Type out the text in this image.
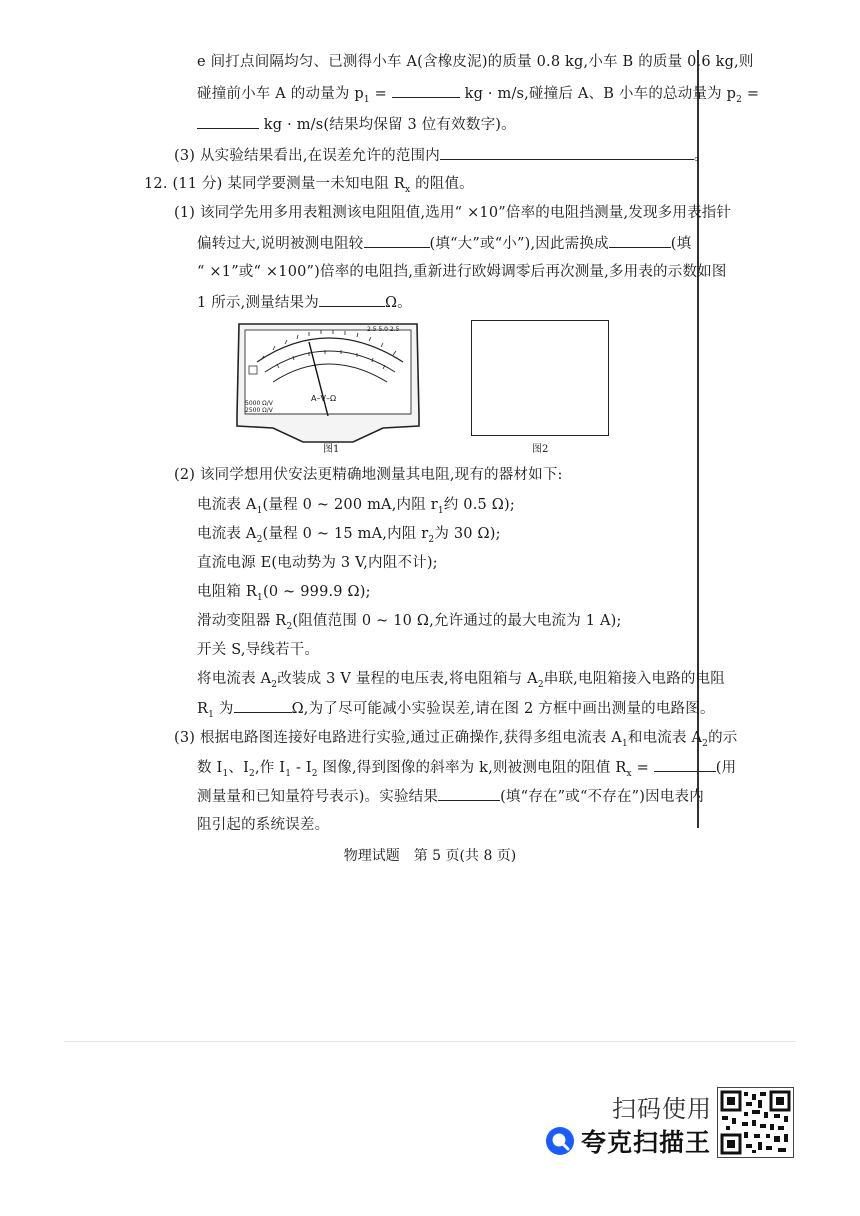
e 间打点间隔均匀、已测得小车 A(含橡皮泥)的质量 0.8 kg,小车 B 的质量 0.6 kg,则
碰撞前小车 A 的动量为 $p_1$ =	kg · m/s,碰撞后 A、B 小车的总动量为 $p_2$ =
kg · m/s(结果均保留 3 位有效数字)。
(3) 从实验结果看出,在误差允许的范围内	。
12. (11 分) 某同学要测量一未知电阻 $R_x$ 的阻值。
(1) 该同学先用多用表粗测该电阻阻值,选用“ ×10”倍率的电阻挡测量,发现多用表指针
偏转过大,说明被测电阻较	(填“大”或“小”),因此需换成	(填
“ ×1”或“ ×100”)倍率的电阻挡,重新进行欧姆调零后再次测量,多用表的示数如图
1 所示,测量结果为	Ω。
A–V–Ω
5000 Ω/V
2500 Ω/V
2.5 5.0 2.5
图1	图2
(2) 该同学想用伏安法更精确地测量其电阻,现有的器材如下:
电流表 $A_1$(量程 0 ~ 200 mA,内阻 $r_1$约 0.5 Ω);
电流表 $A_2$(量程 0 ~ 15 mA,内阻 $r_2$为 30 Ω);
直流电源 E(电动势为 3 V,内阻不计);
电阻箱 $R_1(0$ ~ 999.9 Ω);
滑动变阻器 $R_2$(阻值范围 0 ~ 10 Ω,允许通过的最大电流为 1 A);
开关 S,导线若干。
将电流表 $A_2$改装成 3 V 量程的电压表,将电阻箱与 $A_2$串联,电阻箱接入电路的电阻
$R_1$ 为	Ω,为了尽可能减小实验误差,请在图 2 方框中画出测量的电路图。
(3) 根据电路图连接好电路进行实验,通过正确操作,获得多组电流表 $A_1$和电流表 $A_2$的示
数 $I_1$、$I_2$,作 $I_1 - I_2$ 图像,得到图像的斜率为 k,则被测电阻的阻值 $R_x$ =	(用
测量量和已知量符号表示)。实验结果	(填“存在”或“不存在”)因电表内
阻引起的系统误差。
物理试题　第 5 页(共 8 页)
扫码使用
夸克扫描王
